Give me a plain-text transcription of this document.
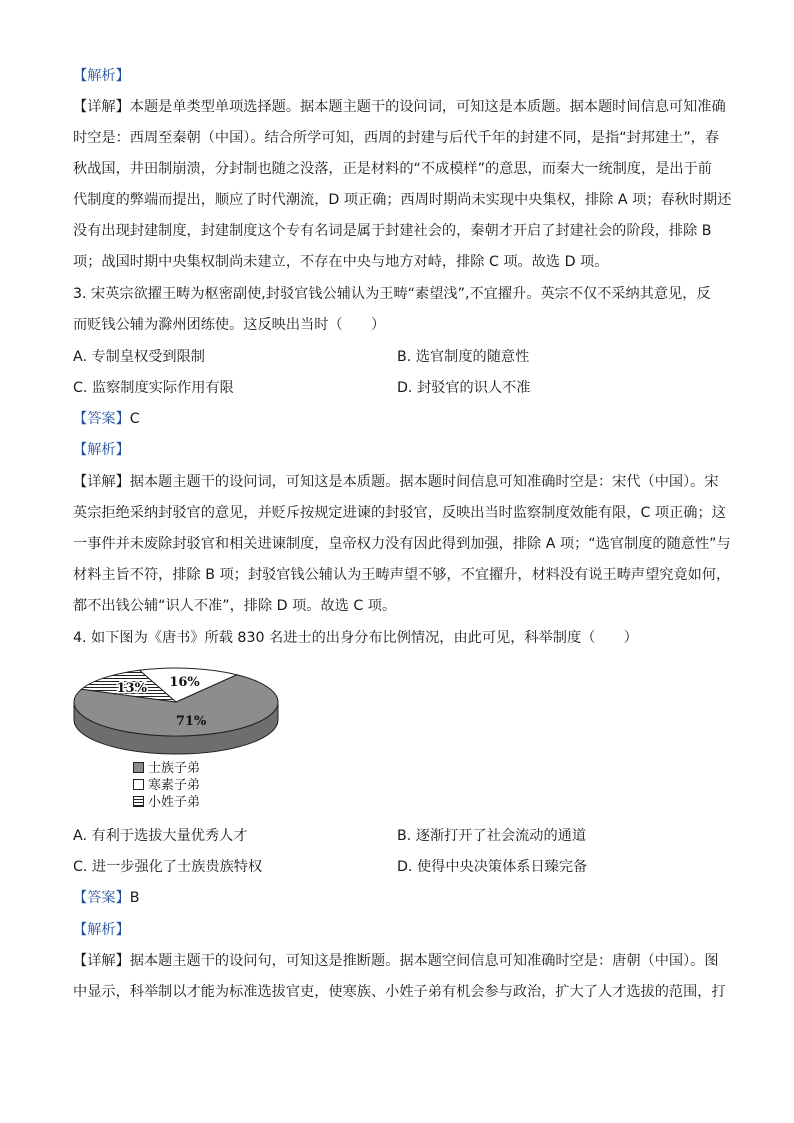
【解析】
【详解】本题是单类型单项选择题。据本题主题干的设问词，可知这是本质题。据本题时间信息可知准确
时空是：西周至秦朝（中国）。结合所学可知，西周的封建与后代千年的封建不同，是指“封邦建土”，春
秋战国，井田制崩溃，分封制也随之没落，正是材料的“不成模样”的意思，而秦大一统制度，是出于前
代制度的弊端而提出，顺应了时代潮流，D 项正确；西周时期尚未实现中央集权，排除 A 项；春秋时期还
没有出现封建制度，封建制度这个专有名词是属于封建社会的，秦朝才开启了封建社会的阶段，排除 B
项；战国时期中央集权制尚未建立，不存在中央与地方对峙，排除 C 项。故选 D 项。
3. 宋英宗欲擢王畴为枢密副使,封驳官钱公辅认为王畴“素望浅”,不宜擢升。英宗不仅不采纳其意见，反
而贬钱公辅为滁州团练使。这反映出当时（　　）
A. 专制皇权受到限制	B. 选官制度的随意性
C. 监察制度实际作用有限	D. 封驳官的识人不准
【答案】C
【解析】
【详解】据本题主题干的设问词，可知这是本质题。据本题时间信息可知准确时空是：宋代（中国）。宋
英宗拒绝采纳封驳官的意见，并贬斥按规定进谏的封驳官，反映出当时监察制度效能有限，C 项正确；这
一事件并未废除封驳官和相关进谏制度，皇帝权力没有因此得到加强，排除 A 项；“选官制度的随意性”与
材料主旨不符，排除 B 项；封驳官钱公辅认为王畴声望不够，不宜擢升，材料没有说王畴声望究竟如何，
都不出钱公辅“识人不准”，排除 D 项。故选 C 项。
4. 如下图为《唐书》所载 830 名进士的出身分布比例情况，由此可见，科举制度（　　）
71%
16%
13%
士族子弟
寒素子弟
小姓子弟
A. 有利于选拔大量优秀人才	B. 逐渐打开了社会流动的通道
C. 进一步强化了士族贵族特权	D. 使得中央决策体系日臻完备
【答案】B
【解析】
【详解】据本题主题干的设问句，可知这是推断题。据本题空间信息可知准确时空是：唐朝（中国）。图
中显示，科举制以才能为标准选拔官吏，使寒族、小姓子弟有机会参与政治，扩大了人才选拔的范围，打
